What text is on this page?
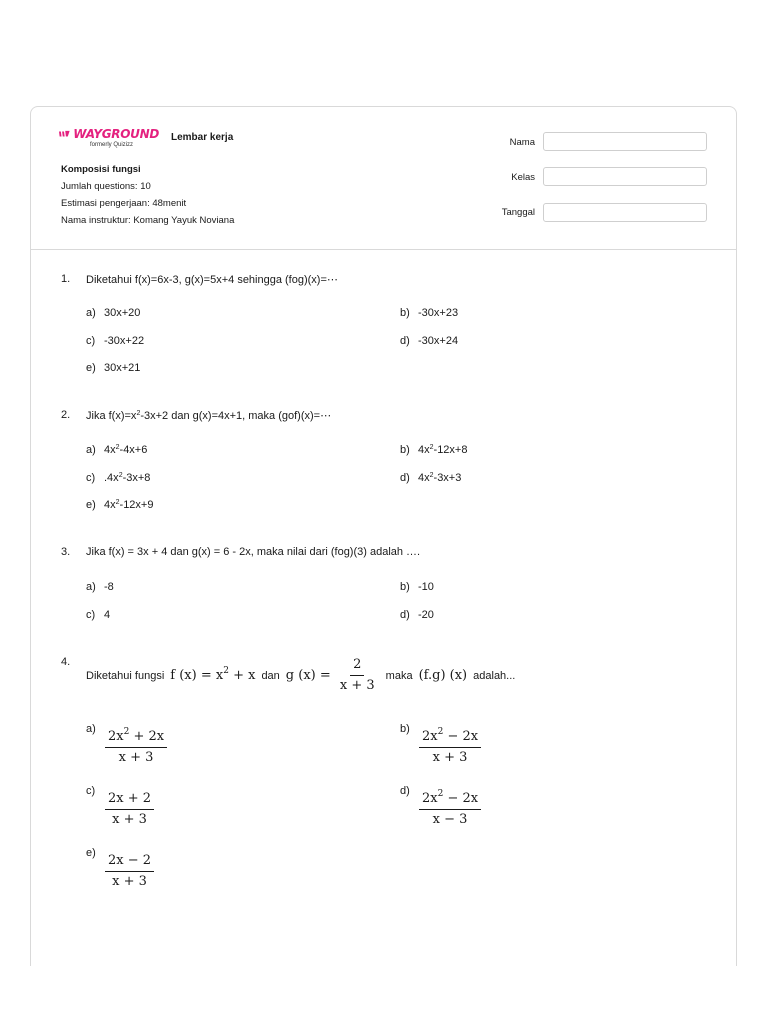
WAYGROUND
formerly Quizizz
Lembar kerja
Komposisi fungsi
Jumlah questions: 10
Estimasi pengerjaan: 48menit
Nama instruktur: Komang Yayuk Noviana
Nama
Kelas
Tanggal
1. Diketahui f(x)=6x-3, g(x)=5x+4 sehingga (fog)(x)=⋯
a) 30x+20	b) -30x+23
c) -30x+22	d) -30x+24
e) 30x+21
2. Jika $f(x)=x^2-3x+2$ dan g(x)=4x+1, maka (gof)(x)=⋯
a) $4x^2-4x+6$	b) $4x^2-12x+8$
c) $.4x^2-3x+8$	d) $4x^2-3x+3$
e) $4x^2-12x+9$
3. Jika f(x) = 3x + 4 dan g(x) = 6 - 2x, maka nilai dari (fog)(3) adalah ….
a) -8	b) -10
c) 4	d) -20
4.
Diketahui fungsi f $(x) = x^2 + x$ dan g $(x) = \frac{2}{x + 3}$ maka (f.g) (x) adalah...
$a) \frac{2x^2 + 2x}{x + 3}$	$b) \frac{2x^2 - 2x}{x + 3}$
$c) \frac{2x + 2}{x + 3}$	$d) \frac{2x^2 - 2x}{x - 3}$
$e) \frac{2x - 2}{x + 3}$
